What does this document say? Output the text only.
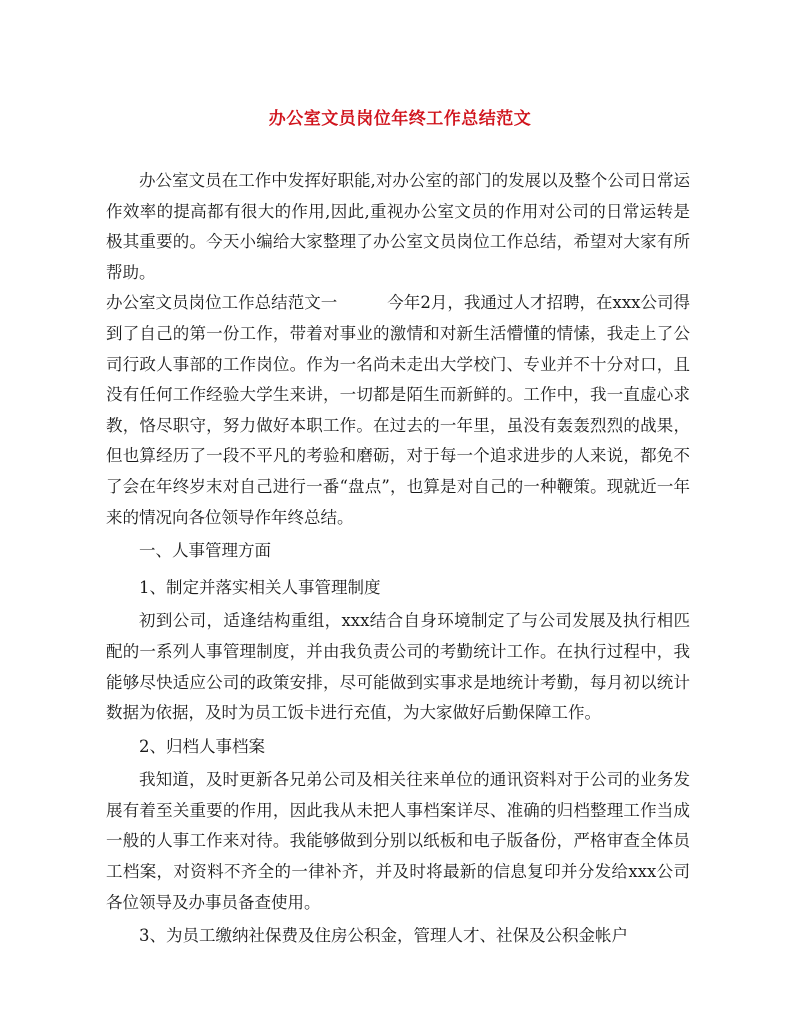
办公室文员岗位年终工作总结范文

办公室文员在工作中发挥好职能,对办公室的部门的发展以及整个公司日常运作效率的提高都有很大的作用,因此,重视办公室文员的作用对公司的日常运转是极其重要的。今天小编给大家整理了办公室文员岗位工作总结，希望对大家有所帮助。

办公室文员岗位工作总结范文一	今年2月，我通过人才招聘，在xxx公司得到了自己的第一份工作，带着对事业的激情和对新生活懵懂的情愫，我走上了公司行政人事部的工作岗位。作为一名尚未走出大学校门、专业并不十分对口，且没有任何工作经验大学生来讲，一切都是陌生而新鲜的。工作中，我一直虚心求教，恪尽职守，努力做好本职工作。在过去的一年里，虽没有轰轰烈烈的战果，但也算经历了一段不平凡的考验和磨砺，对于每一个追求进步的人来说，都免不了会在年终岁末对自己进行一番“盘点”，也算是对自己的一种鞭策。现就近一年来的情况向各位领导作年终总结。

一、人事管理方面

1、制定并落实相关人事管理制度

初到公司，适逢结构重组，xxx结合自身环境制定了与公司发展及执行相匹配的一系列人事管理制度，并由我负责公司的考勤统计工作。在执行过程中，我能够尽快适应公司的政策安排，尽可能做到实事求是地统计考勤，每月初以统计数据为依据，及时为员工饭卡进行充值，为大家做好后勤保障工作。

2、归档人事档案

我知道，及时更新各兄弟公司及相关往来单位的通讯资料对于公司的业务发展有着至关重要的作用，因此我从未把人事档案详尽、准确的归档整理工作当成一般的人事工作来对待。我能够做到分别以纸板和电子版备份，严格审查全体员工档案，对资料不齐全的一律补齐，并及时将最新的信息复印并分发给xxx公司各位领导及办事员备查使用。

3、为员工缴纳社保费及住房公积金，管理人才、社保及公积金帐户
